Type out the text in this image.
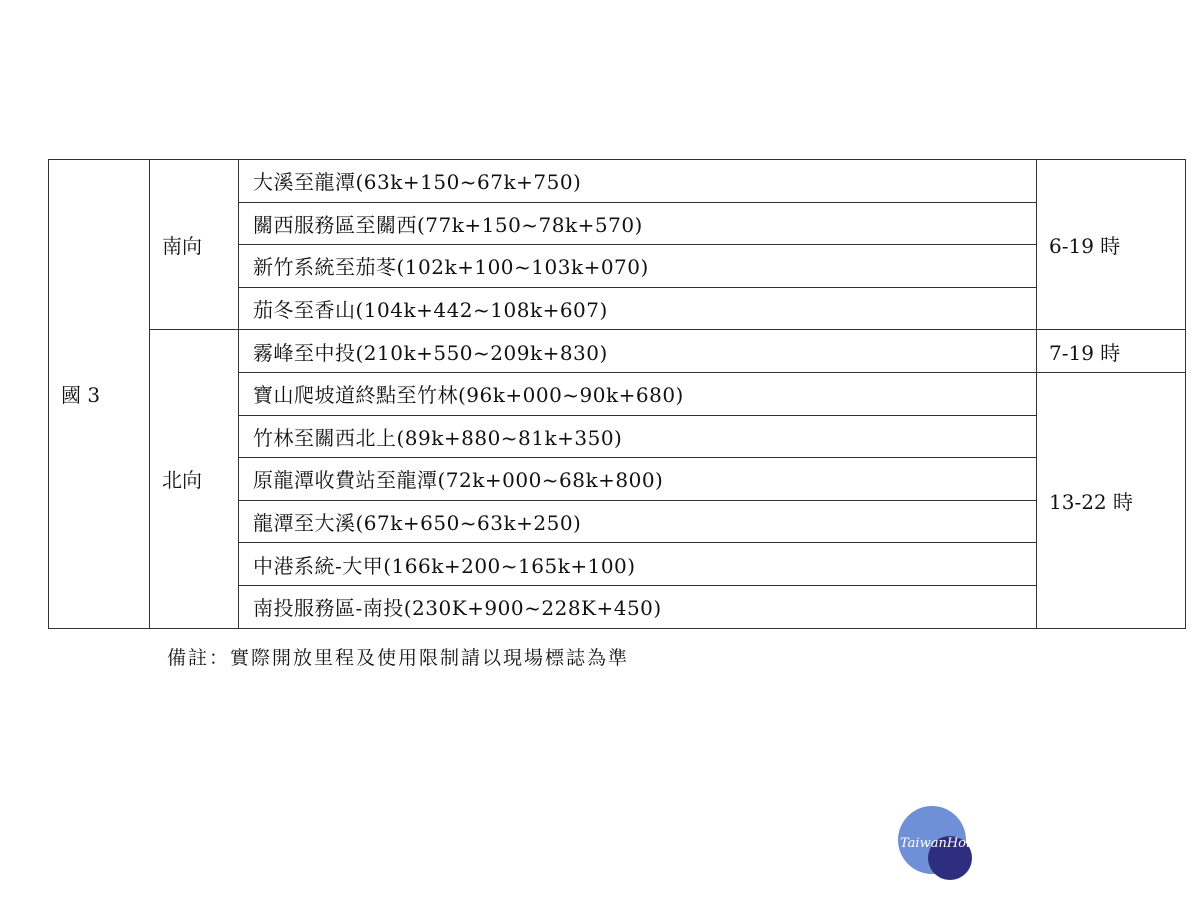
國 3	南向	大溪至龍潭(63k+150~67k+750)	6-19 時
		關西服務區至關西(77k+150~78k+570)	
		新竹系統至茄苳(102k+100~103k+070)	
		茄冬至香山(104k+442~108k+607)	
	北向	霧峰至中投(210k+550~209k+830)	7-19 時
		寶山爬坡道終點至竹林(96k+000~90k+680)	13-22 時
		竹林至關西北上(89k+880~81k+350)	
		原龍潭收費站至龍潭(72k+000~68k+800)	
		龍潭至大溪(67k+650~63k+250)	
		中港系統-大甲(166k+200~165k+100)	
		南投服務區-南投(230K+900~228K+450)	
備註：實際開放里程及使用限制請以現場標誌為準
TaiwanHot
